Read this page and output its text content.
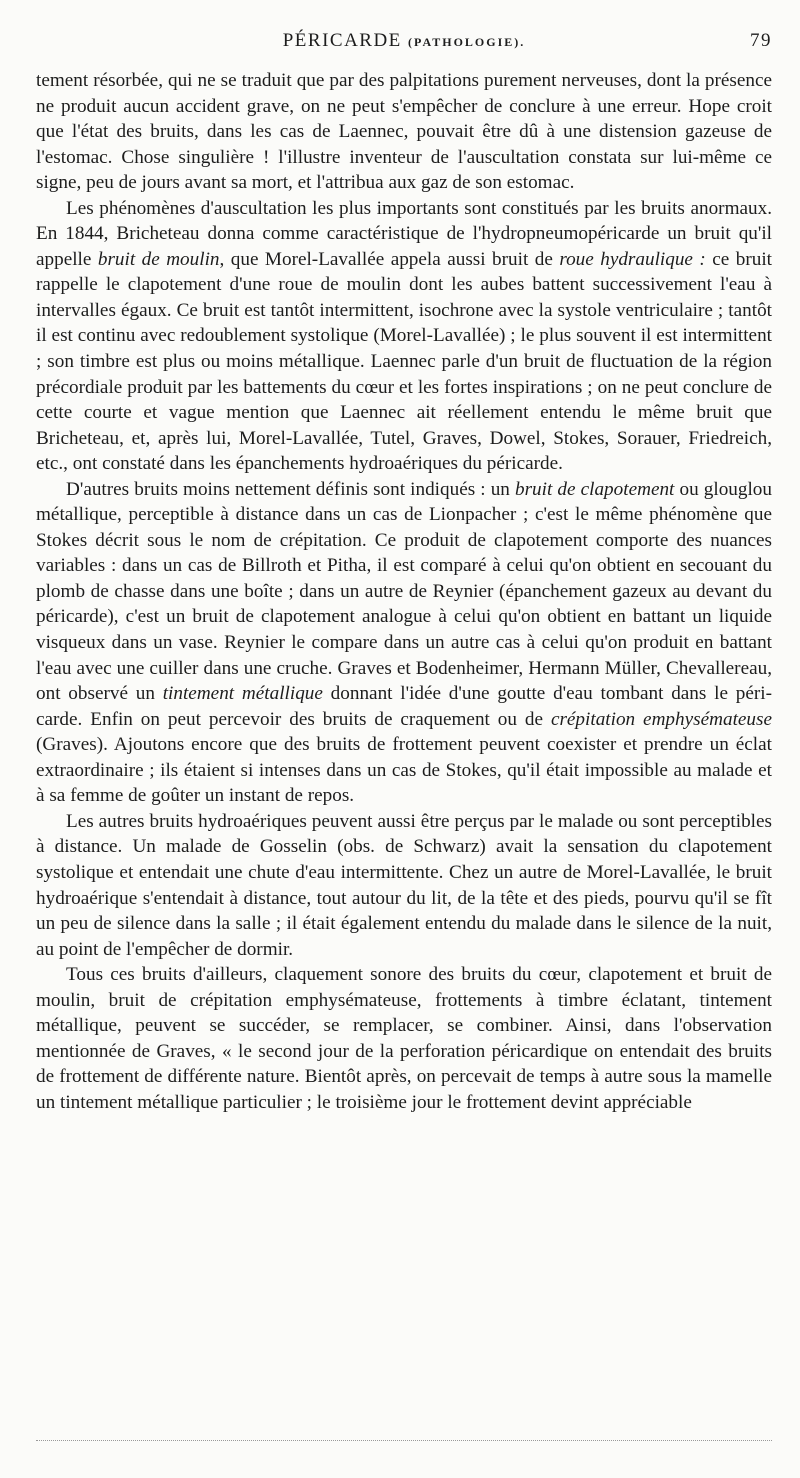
PÉRICARDE (PATHOLOGIE).	79

tement résorbée, qui ne se traduit que par des palpitations purement nerveuses, dont la présence ne produit aucun accident grave, on ne peut s'empêcher de conclure à une erreur. Hope croit que l'état des bruits, dans les cas de Laennec, pouvait être dû à une distension gazeuse de l'estomac. Chose singulière ! l'illustre inventeur de l'auscultation constata sur lui-même ce signe, peu de jours avant sa mort, et l'attribua aux gaz de son estomac.

Les phénomènes d'auscultation les plus importants sont constitués par les bruits anormaux. En 1844, Bricheteau donna comme caractéristique de l'hydropneumopéricarde un bruit qu'il appelle bruit de moulin, que Morel-Lavallée appela aussi bruit de roue hydraulique : ce bruit rappelle le clapotement d'une roue de moulin dont les aubes battent successivement l'eau à intervalles égaux. Ce bruit est tantôt intermittent, isochrone avec la systole ventriculaire ; tantôt il est continu avec redoublement systolique (Morel-Lavallée) ; le plus souvent il est intermittent ; son timbre est plus ou moins métallique. Laennec parle d'un bruit de fluctuation de la région précordiale produit par les battements du cœur et les fortes inspirations ; on ne peut conclure de cette courte et vague mention que Laennec ait réellement entendu le même bruit que Bricheteau, et, après lui, Morel-Lavallée, Tutel, Graves, Dowel, Stokes, Sorauer, Friedreich, etc., ont constaté dans les épanchements hydroaériques du péricarde.

D'autres bruits moins nettement définis sont indiqués : un bruit de clapotement ou glouglou métallique, perceptible à distance dans un cas de Lionpacher ; c'est le même phénomène que Stokes décrit sous le nom de crépitation. Ce produit de clapotement comporte des nuances variables : dans un cas de Billroth et Pitha, il est comparé à celui qu'on obtient en secouant du plomb de chasse dans une boîte ; dans un autre de Reynier (épanchement gazeux au devant du péricarde), c'est un bruit de clapotement analogue à celui qu'on obtient en battant un liquide visqueux dans un vase. Reynier le compare dans un autre cas à celui qu'on produit en battant l'eau avec une cuiller dans une cruche. Graves et Bodenheimer, Hermann Müller, Chevallereau, ont observé un tintement métallique donnant l'idée d'une goutte d'eau tombant dans le péricarde. Enfin on peut percevoir des bruits de craquement ou de crépitation emphysémateuse (Graves). Ajoutons encore que des bruits de frottement peuvent coexister et prendre un éclat extraordinaire ; ils étaient si intenses dans un cas de Stokes, qu'il était impossible au malade et à sa femme de goûter un instant de repos.

Les autres bruits hydroaériques peuvent aussi être perçus par le malade ou sont perceptibles à distance. Un malade de Gosselin (obs. de Schwarz) avait la sensation du clapotement systolique et entendait une chute d'eau intermittente. Chez un autre de Morel-Lavallée, le bruit hydroaérique s'entendait à distance, tout autour du lit, de la tête et des pieds, pourvu qu'il se fît un peu de silence dans la salle ; il était également entendu du malade dans le silence de la nuit, au point de l'empêcher de dormir.

Tous ces bruits d'ailleurs, claquement sonore des bruits du cœur, clapotement et bruit de moulin, bruit de crépitation emphysémateuse, frottements à timbre éclatant, tintement métallique, peuvent se succéder, se remplacer, se combiner. Ainsi, dans l'observation mentionnée de Graves, « le second jour de la perforation péricardique on entendait des bruits de frottement de différente nature. Bientôt après, on percevait de temps à autre sous la mamelle un tintement métallique particulier ; le troisième jour le frottement devint appréciable
